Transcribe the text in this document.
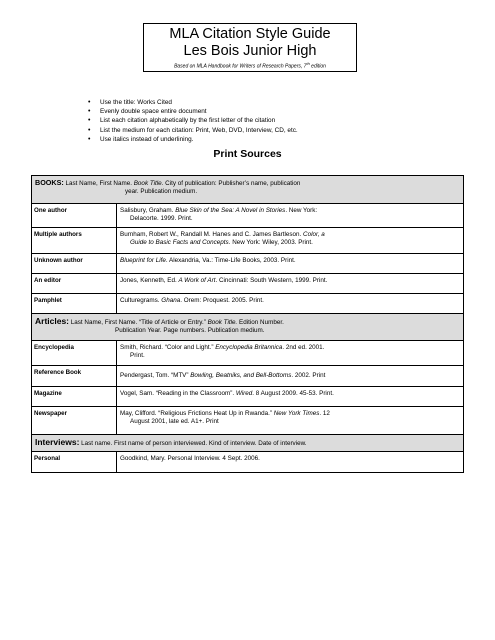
MLA Citation Style Guide
Les Bois Junior High
Based on MLA Handbook for Writers of Research Papers, 7th edition
• Use the title: Works Cited
• Evenly double space entire document
• List each citation alphabetically by the first letter of the citation
• List the medium for each citation: Print, Web, DVD, Interview, CD, etc.
• Use italics instead of underlining.
Print Sources
BOOKS: Last Name, First Name. Book Title. City of publication: Publisher’s name, publication
year. Publication medium.
One author	Salisbury, Graham. Blue Skin of the Sea: A Novel in Stories. New York:
Delacorte. 1999. Print.
Multiple authors	Burnham, Robert W., Randall M. Hanes and C. James Bartleson. Color, a
Guide to Basic Facts and Concepts. New York: Wiley, 2003. Print.
Unknown author	Blueprint for Life. Alexandria, Va.: Time-Life Books, 2003. Print.
An editor	Jones, Kenneth, Ed. A Work of Art. Cincinnati: South Western, 1999. Print.
Pamphlet	Culturegrams. Ghana. Orem: Proquest. 2005. Print.
Articles: Last Name, First Name. “Title of Article or Entry.” Book Title. Edition Number.
Publication Year. Page numbers. Publication medium.
Encyclopedia	Smith, Richard. “Color and Light.” Encyclopedia Britannica. 2nd ed. 2001.
Print.
Reference Book	Pendergast, Tom. “MTV” Bowling, Beatniks, and Bell-Bottoms. 2002. Print
Magazine	Vogel, Sam. “Reading in the Classroom”. Wired. 8 August 2009. 45-53. Print.
Newspaper	May, Clifford. “Religious Frictions Heat Up in Rwanda.” New York Times. 12
August 2001, late ed. A1+. Print
Interviews: Last name. First name of person interviewed. Kind of interview. Date of interview.
Personal	Goodkind, Mary. Personal Interview. 4 Sept. 2006.
